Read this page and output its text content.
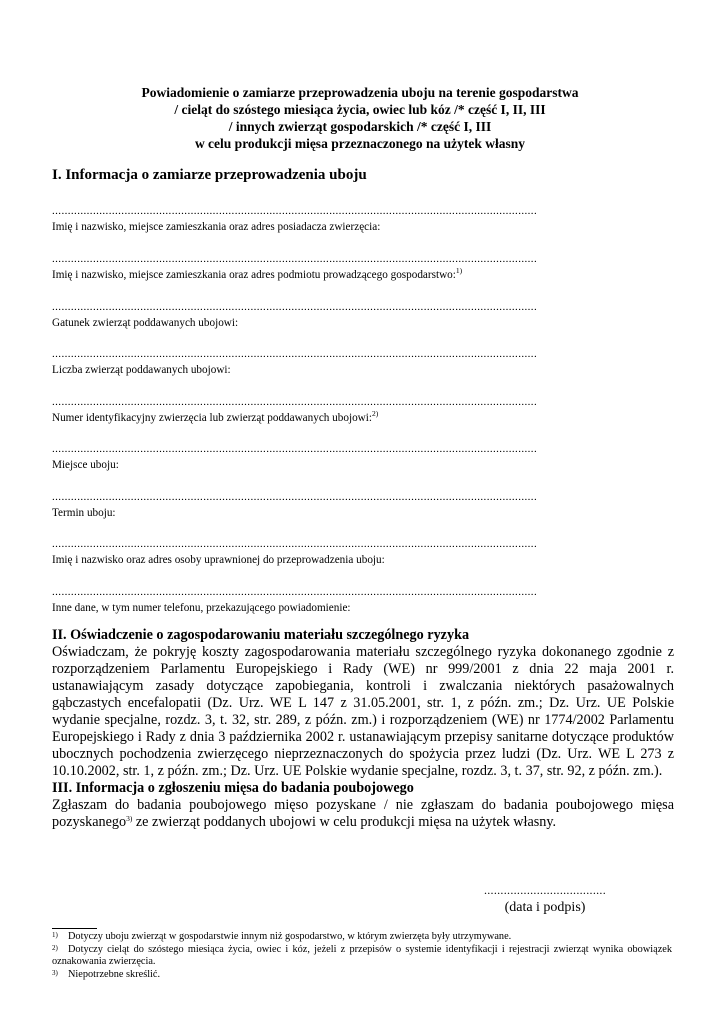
Powiadomienie o zamiarze przeprowadzenia uboju na terenie gospodarstwa
/ cieląt do szóstego miesiąca życia, owiec lub kóz /* część I, II, III
/ innych zwierząt gospodarskich /* część I, III
w celu produkcji mięsa przeznaczonego na użytek własny
I. Informacja o zamiarze przeprowadzenia uboju
..........................................................................................................................................................
Imię i nazwisko, miejsce zamieszkania oraz adres posiadacza zwierzęcia:
..........................................................................................................................................................
Imię i nazwisko, miejsce zamieszkania oraz adres podmiotu prowadzącego gospodarstwo:$^{1)}$
..........................................................................................................................................................
Gatunek zwierząt poddawanych ubojowi:
..........................................................................................................................................................
Liczba zwierząt poddawanych ubojowi:
..........................................................................................................................................................
Numer identyfikacyjny zwierzęcia lub zwierząt poddawanych ubojowi:$^{2)}$
..........................................................................................................................................................
Miejsce uboju:
..........................................................................................................................................................
Termin uboju:
..........................................................................................................................................................
Imię i nazwisko oraz adres osoby uprawnionej do przeprowadzenia uboju:
..........................................................................................................................................................
Inne dane, w tym numer telefonu, przekazującego powiadomienie:
II. Oświadczenie o zagospodarowaniu materiału szczególnego ryzyka

Oświadczam, że pokryję koszty zagospodarowania materiału szczególnego ryzyka dokonanego zgodnie z rozporządzeniem Parlamentu Europejskiego i Rady (WE) nr 999/2001 z dnia 22 maja 2001 r. ustanawiającym zasady dotyczące zapobiegania, kontroli i zwalczania niektórych pasażowalnych gąbczastych encefalopatii (Dz. Urz. WE L 147 z 31.05.2001, str. 1, z późn. zm.; Dz. Urz. UE Polskie wydanie specjalne, rozdz. 3, t. 32, str. 289, z późn. zm.) i rozporządzeniem (WE) nr 1774/2002 Parlamentu Europejskiego i Rady z dnia 3 października 2002 r. ustanawiającym przepisy sanitarne dotyczące produktów ubocznych pochodzenia zwierzęcego nieprzeznaczonych do spożycia przez ludzi (Dz. Urz. WE L 273 z 10.10.2002, str. 1, z późn. zm.; Dz. Urz. UE Polskie wydanie specjalne, rozdz. 3, t. 37, str. 92, z późn. zm.).

III. Informacja o zgłoszeniu mięsa do badania poubojowego

Zgłaszam do badania poubojowego mięso pozyskane / nie zgłaszam do badania poubojowego mięsa pozyskanego$^{3)}$ ze zwierząt poddanych ubojowi w celu produkcji mięsa na użytek własny.

.....................................
(data i podpis)
1) Dotyczy uboju zwierząt w gospodarstwie innym niż gospodarstwo, w którym zwierzęta były utrzymywane.
2) Dotyczy cieląt do szóstego miesiąca życia, owiec i kóz, jeżeli z przepisów o systemie identyfikacji i rejestracji zwierząt wynika obowiązek oznakowania zwierzęcia.
3) Niepotrzebne skreślić.
